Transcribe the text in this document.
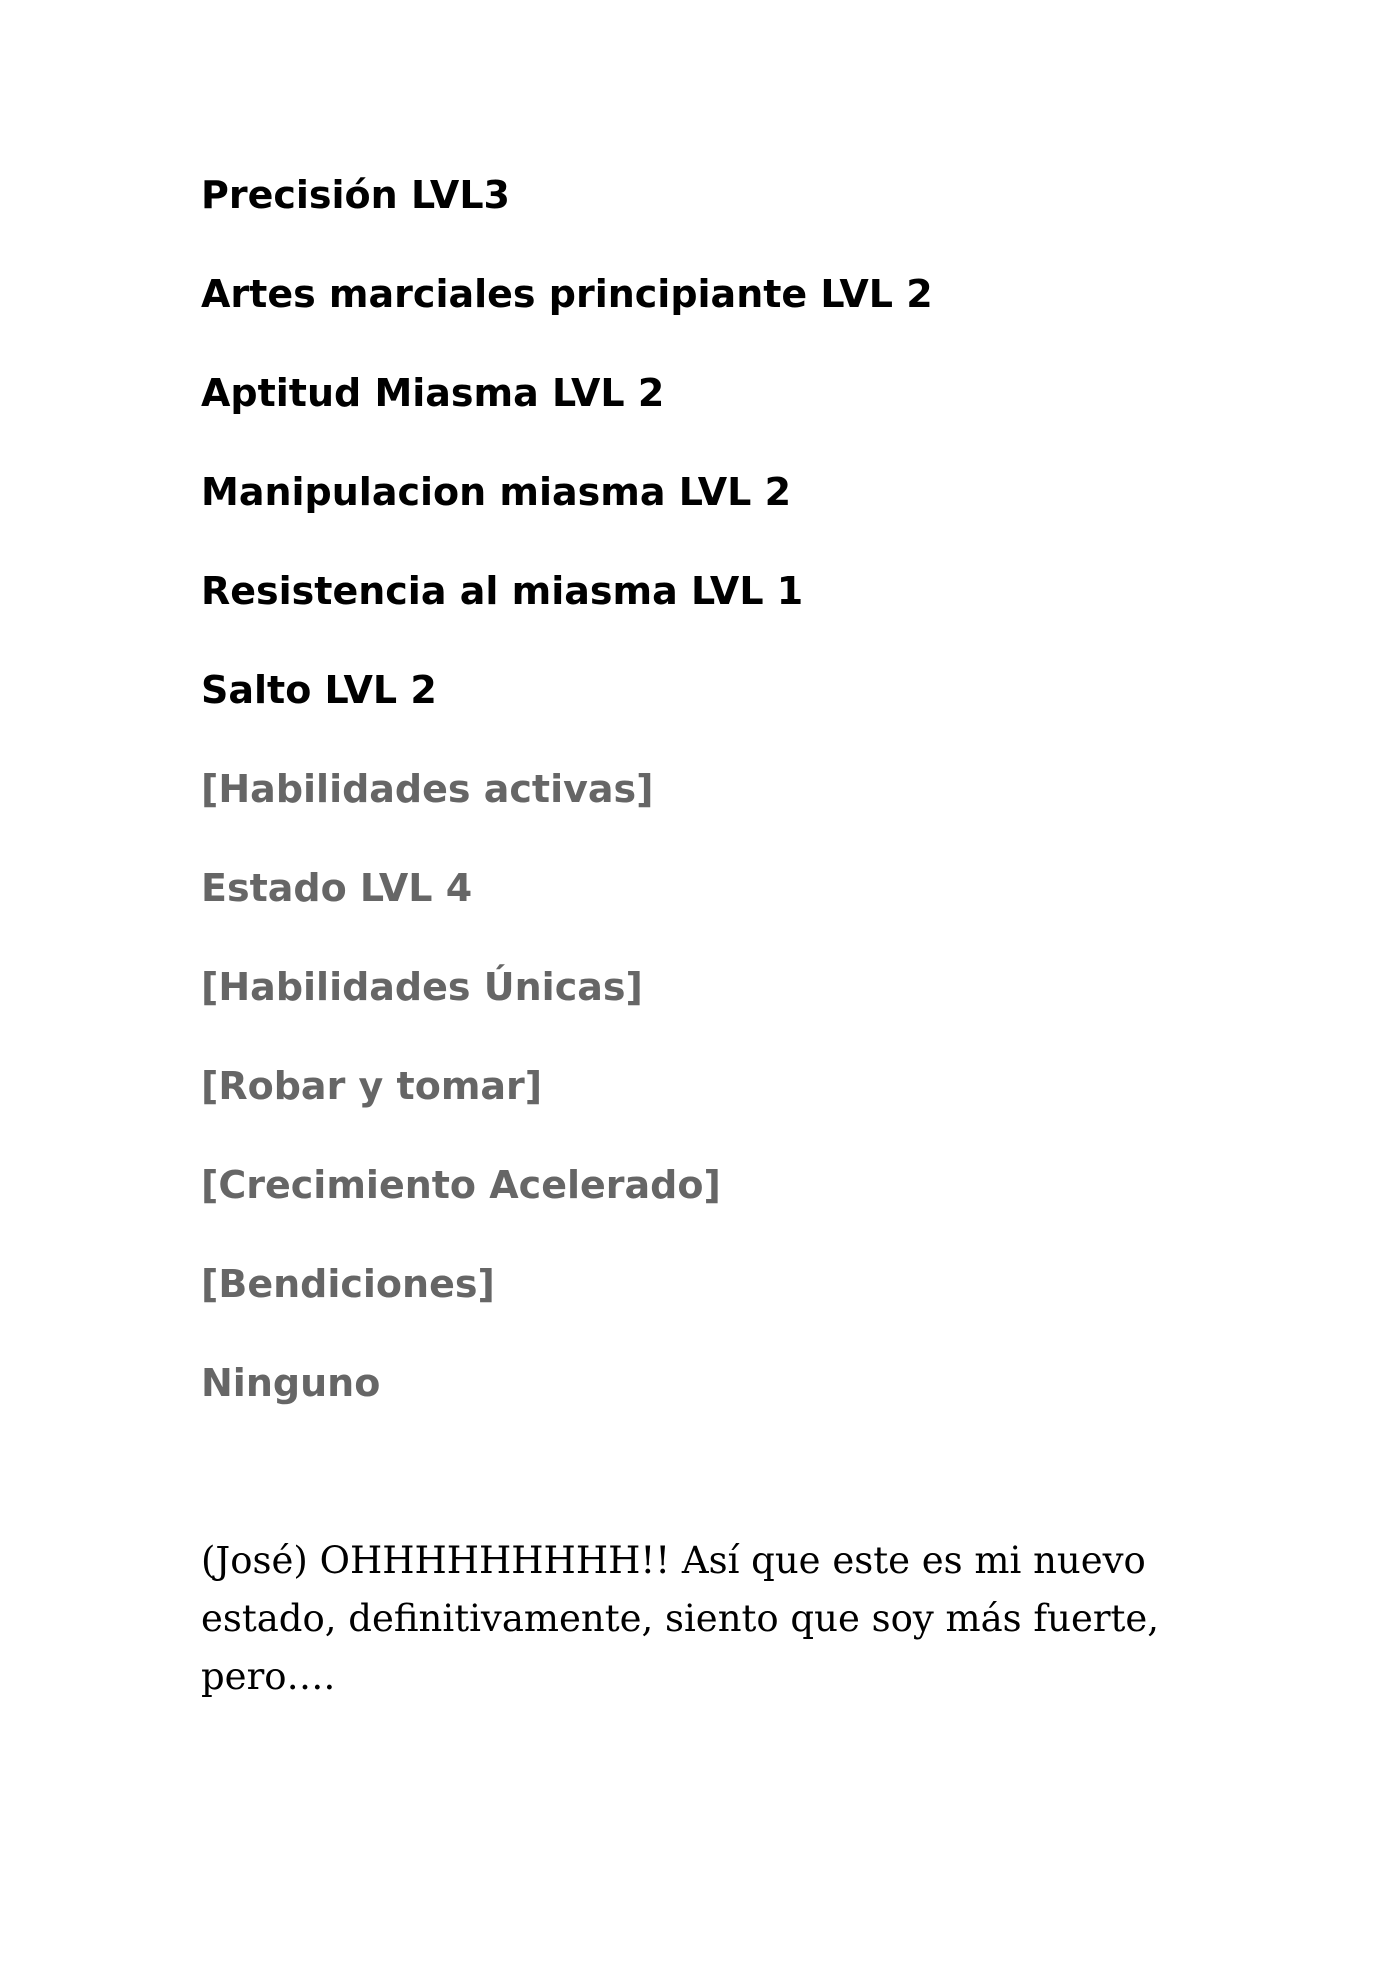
Precisión LVL3

Artes marciales principiante LVL 2

Aptitud Miasma LVL 2

Manipulacion miasma LVL 2

Resistencia al miasma LVL 1

Salto LVL 2

[Habilidades activas]

Estado LVL 4

[Habilidades Únicas]

[Robar y tomar]

[Crecimiento Acelerado]

[Bendiciones]

Ninguno

(José) OHHHHHHHHH!! Así que este es mi nuevo estado, definitivamente, siento que soy más fuerte, pero….
